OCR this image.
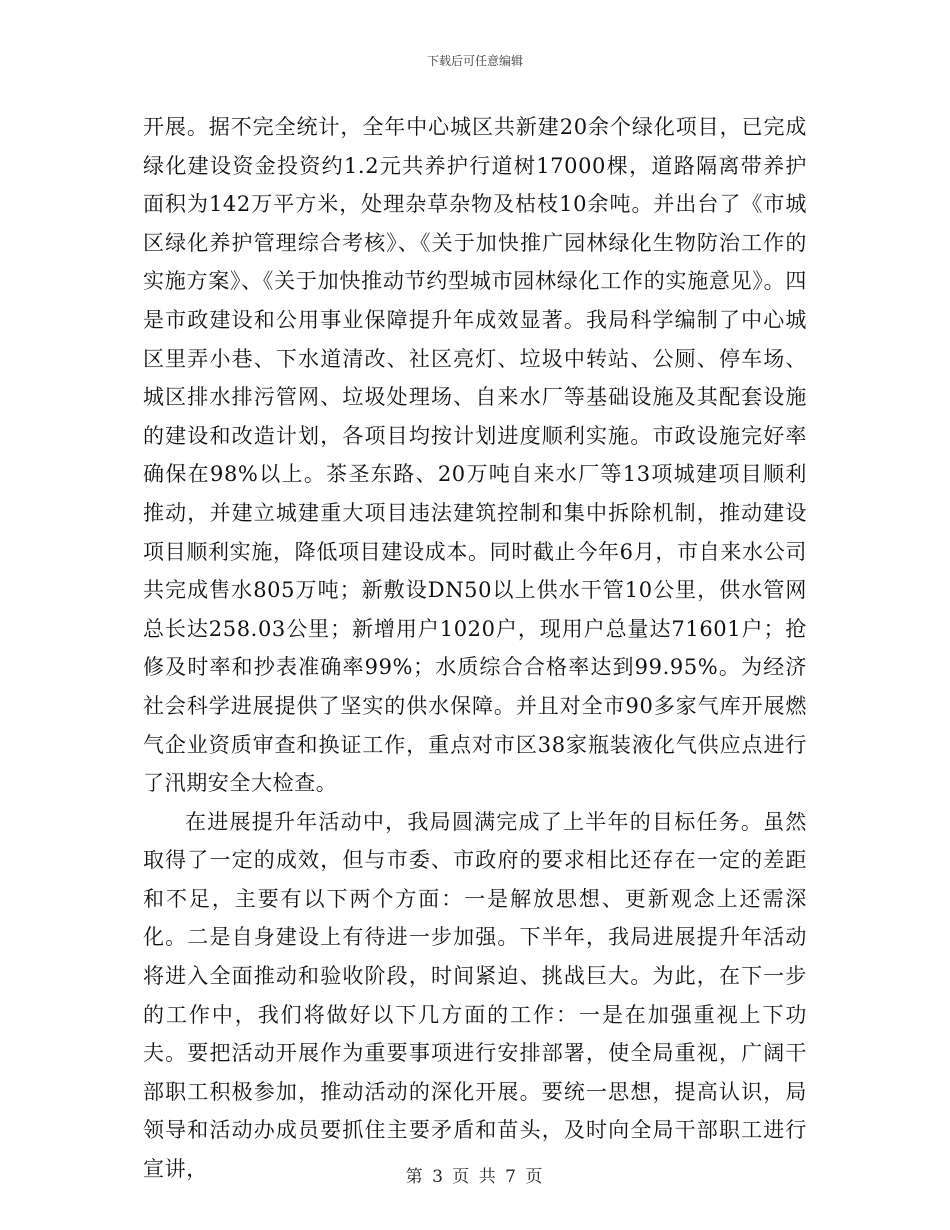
下载后可任意编辑

开展。据不完全统计，全年中心城区共新建20余个绿化项目，已完成绿化建设资金投资约1.2元共养护行道树17000棵，道路隔离带养护面积为142万平方米，处理杂草杂物及枯枝10余吨。并出台了《市城区绿化养护管理综合考核》、《关于加快推广园林绿化生物防治工作的实施方案》、《关于加快推动节约型城市园林绿化工作的实施意见》。四是市政建设和公用事业保障提升年成效显著。我局科学编制了中心城区里弄小巷、下水道清改、社区亮灯、垃圾中转站、公厕、停车场、城区排水排污管网、垃圾处理场、自来水厂等基础设施及其配套设施的建设和改造计划，各项目均按计划进度顺利实施。市政设施完好率确保在98%以上。茶圣东路、20万吨自来水厂等13项城建项目顺利推动，并建立城建重大项目违法建筑控制和集中拆除机制，推动建设项目顺利实施，降低项目建设成本。同时截止今年6月，市自来水公司共完成售水805万吨；新敷设DN50以上供水干管10公里，供水管网总长达258.03公里；新增用户1020户，现用户总量达71601户；抢修及时率和抄表准确率99%；水质综合合格率达到99.95%。为经济社会科学进展提供了坚实的供水保障。并且对全市90多家气库开展燃气企业资质审查和换证工作，重点对市区38家瓶装液化气供应点进行了汛期安全大检查。

在进展提升年活动中，我局圆满完成了上半年的目标任务。虽然取得了一定的成效，但与市委、市政府的要求相比还存在一定的差距和不足，主要有以下两个方面：一是解放思想、更新观念上还需深化。二是自身建设上有待进一步加强。下半年，我局进展提升年活动将进入全面推动和验收阶段，时间紧迫、挑战巨大。为此，在下一步的工作中，我们将做好以下几方面的工作：一是在加强重视上下功夫。要把活动开展作为重要事项进行安排部署，使全局重视，广阔干部职工积极参加，推动活动的深化开展。要统一思想，提高认识，局领导和活动办成员要抓住主要矛盾和苗头，及时向全局干部职工进行宣讲，	第 3 页 共 7 页
